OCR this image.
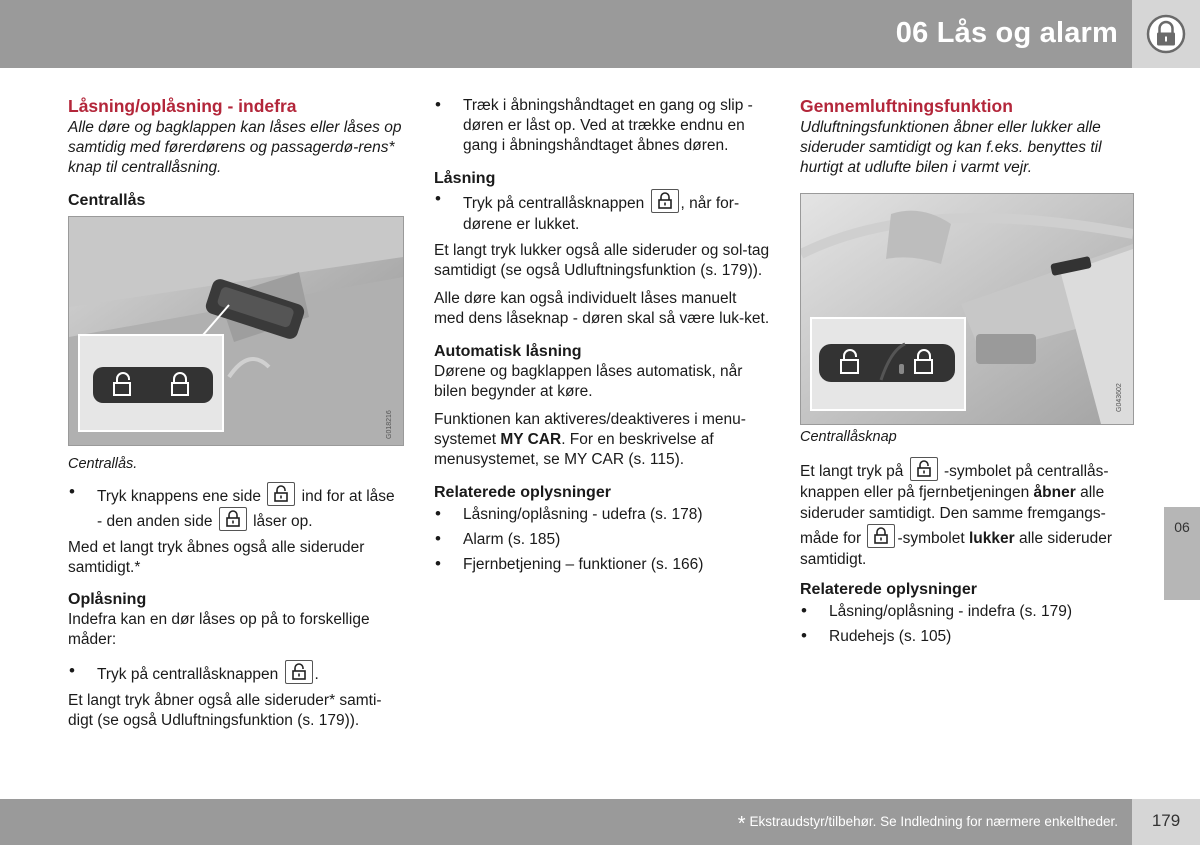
06 Lås og alarm
06
Låsning/oplåsning - indefra

Alle døre og bagklappen kan låses eller låses op samtidig med førerdørens og passagerdø-rens* knap til centrallåsning.

Centrallås

Centrallås.

• Tryk knappens ene side	ind for at låse - den anden side	låser op.

Med et langt tryk åbnes også alle sideruder samtidigt.*

Oplåsning

Indefra kan en dør låses op på to forskellige måder:

• Tryk på centrallåsknappen .

Et langt tryk åbner også alle sideruder* samti-digt (se også Udluftningsfunktion (s. 179)).

G018216

• Træk i åbningshåndtaget en gang og slip - døren er låst op. Ved at trække endnu en gang i åbningshåndtaget åbnes døren.

Låsning

• Tryk på centrallåsknappen , når for-dørene er lukket.

Et langt tryk lukker også alle sideruder og sol-tag samtidigt (se også Udluftningsfunktion (s. 179)).

Alle døre kan også individuelt låses manuelt med dens låseknap - døren skal så være luk-ket.

Automatisk låsning

Dørene og bagklappen låses automatisk, når bilen begynder at køre.

Funktionen kan aktiveres/deaktiveres i menu-systemet MY CAR. For en beskrivelse af menusystemet, se MY CAR (s. 115).

Relaterede oplysninger

• Låsning/oplåsning - udefra (s. 178)

• Alarm (s. 185)

• Fjernbetjening – funktioner (s. 166)

Gennemluftningsfunktion

Udluftningsfunktionen åbner eller lukker alle sideruder samtidigt og kan f.eks. benyttes til hurtigt at udlufte bilen i varmt vejr.

Centrallåsknap

Et langt tryk på	-symbolet på centrallås-knappen eller på fjernbetjeningen åbner alle sideruder samtidigt. Den samme fremgangs-måde for -symbolet lukker alle sideruder samtidigt.

Relaterede oplysninger

• Låsning/oplåsning - indefra (s. 179)

• Rudehejs (s. 105)

G043602
* Ekstraudstyr/tilbehør. Se Indledning for nærmere enkeltheder.	179
